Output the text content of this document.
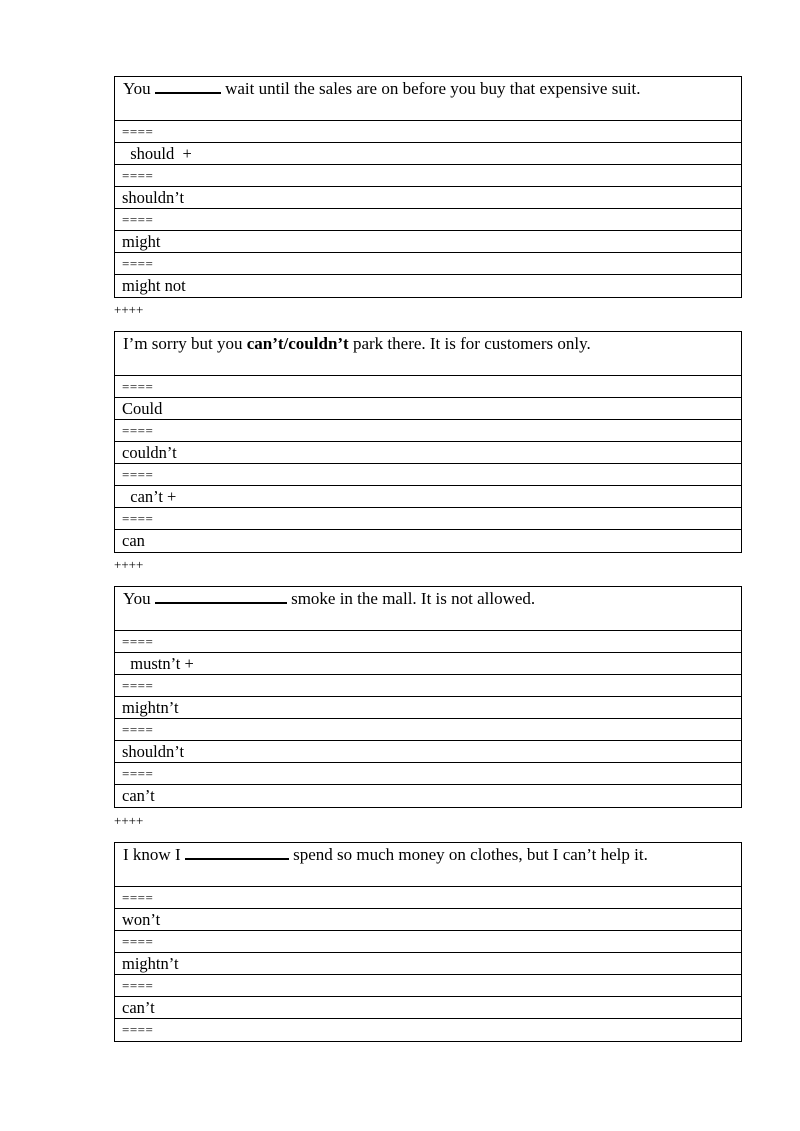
You	wait until the sales are on before you buy that expensive suit.
====
should  +
====
shouldn’t
====
might
====
might not
++++
I’m sorry but you can’t/couldn’t park there. It is for customers only.
====
Could
====
couldn’t
====
can’t +
====
can
++++
You	smoke in the mall. It is not allowed.
====
mustn’t +
====
mightn’t
====
shouldn’t
====
can’t
++++
I know I	spend so much money on clothes, but I can’t help it.
====
won’t
====
mightn’t
====
can’t
====
